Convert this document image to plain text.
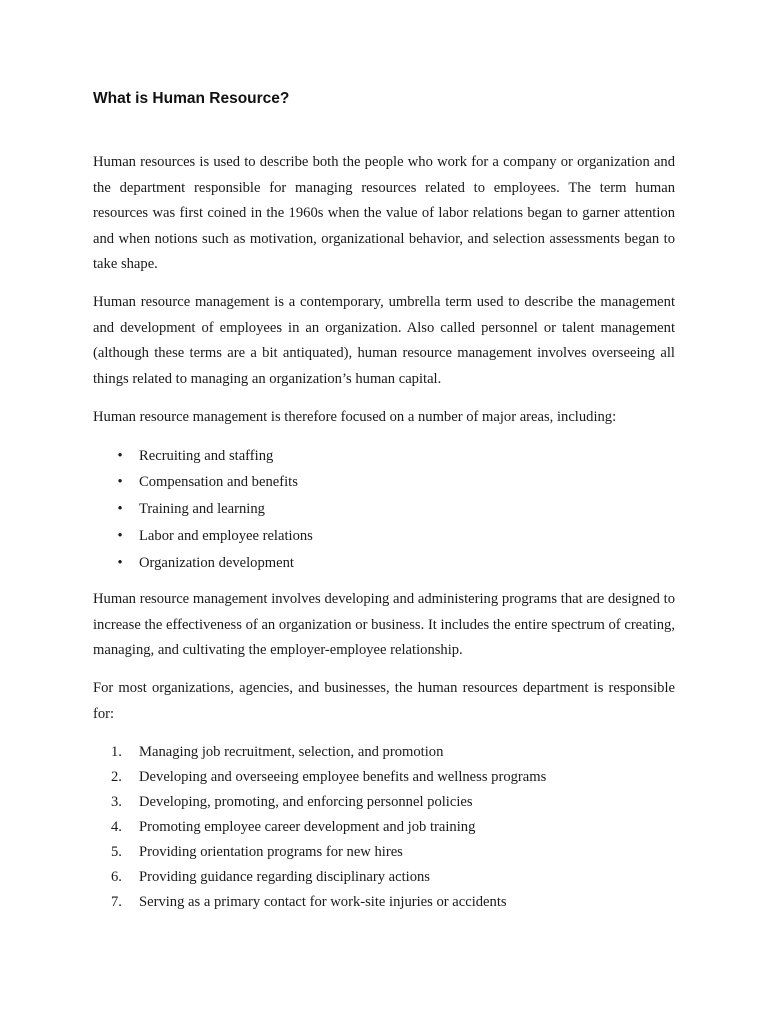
What is Human Resource?

Human resources is used to describe both the people who work for a company or organization and the department responsible for managing resources related to employees. The term human resources was first coined in the 1960s when the value of labor relations began to garner attention and when notions such as motivation, organizational behavior, and selection assessments began to take shape.

Human resource management is a contemporary, umbrella term used to describe the management and development of employees in an organization. Also called personnel or talent management (although these terms are a bit antiquated), human resource management involves overseeing all things related to managing an organization’s human capital.

Human resource management is therefore focused on a number of major areas, including:

• Recruiting and staffing
• Compensation and benefits
• Training and learning
• Labor and employee relations
• Organization development

Human resource management involves developing and administering programs that are designed to increase the effectiveness of an organization or business. It includes the entire spectrum of creating, managing, and cultivating the employer-employee relationship.

For most organizations, agencies, and businesses, the human resources department is responsible for:

1. Managing job recruitment, selection, and promotion
2. Developing and overseeing employee benefits and wellness programs
3. Developing, promoting, and enforcing personnel policies
4. Promoting employee career development and job training
5. Providing orientation programs for new hires
6. Providing guidance regarding disciplinary actions
7. Serving as a primary contact for work-site injuries or accidents
